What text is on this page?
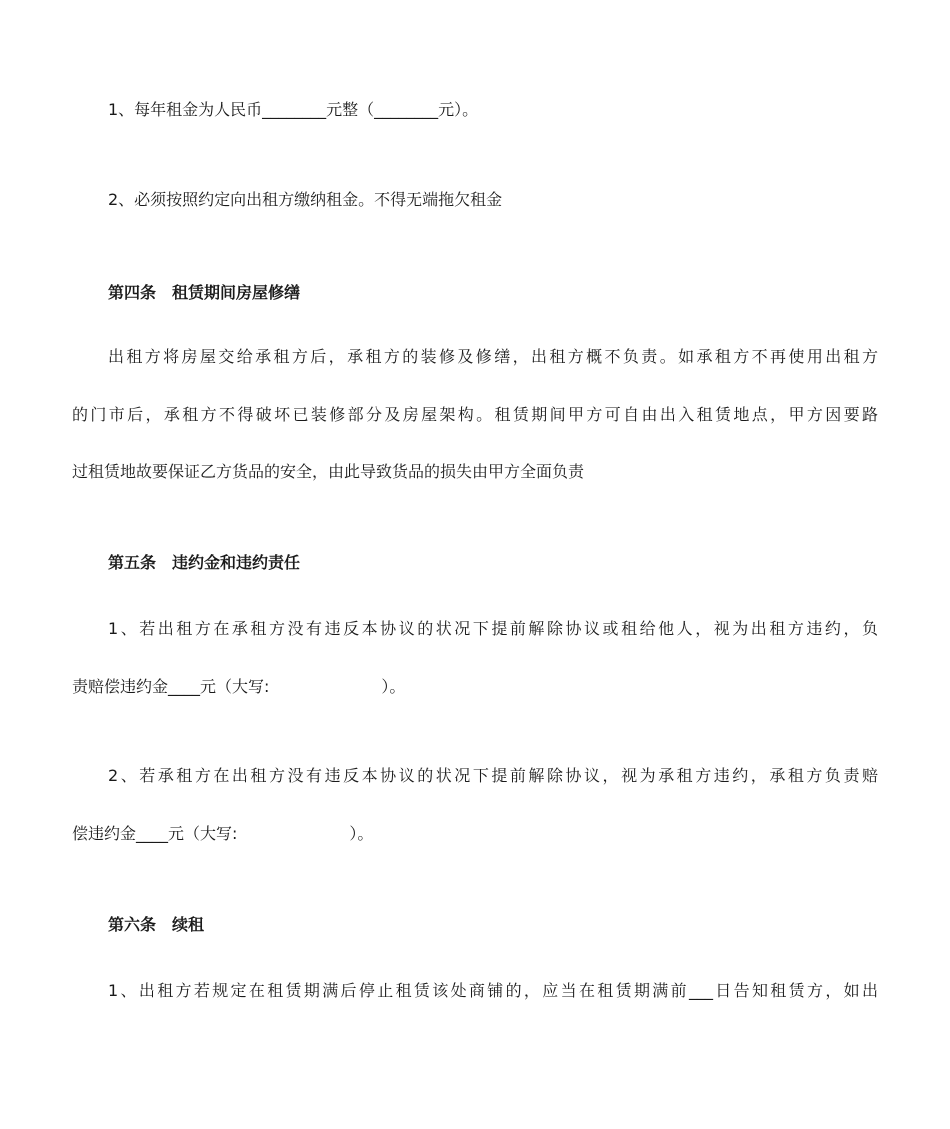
1、每年租金为人民币________元整（________元）。

2、必须按照约定向出租方缴纳租金。不得无端拖欠租金

第四条　租赁期间房屋修缮

出租方将房屋交给承租方后，承租方的装修及修缮，出租方概不负责。如承租方不再使用出租方

的门市后，承租方不得破坏已装修部分及房屋架构。租赁期间甲方可自由出入租赁地点，甲方因要路

过租赁地故要保证乙方货品的安全，由此导致货品的损失由甲方全面负责

第五条　违约金和违约责任

1、若出租方在承租方没有违反本协议的状况下提前解除协议或租给他人，视为出租方违约，负

责赔偿违约金____元（大写:　　　　　　　）。

2、若承租方在出租方没有违反本协议的状况下提前解除协议，视为承租方违约，承租方负责赔

偿违约金____元（大写:　　　　　　　）。

第六条　续租

1、出租方若规定在租赁期满后停止租赁该处商铺的，应当在租赁期满前___日告知租赁方，如出
